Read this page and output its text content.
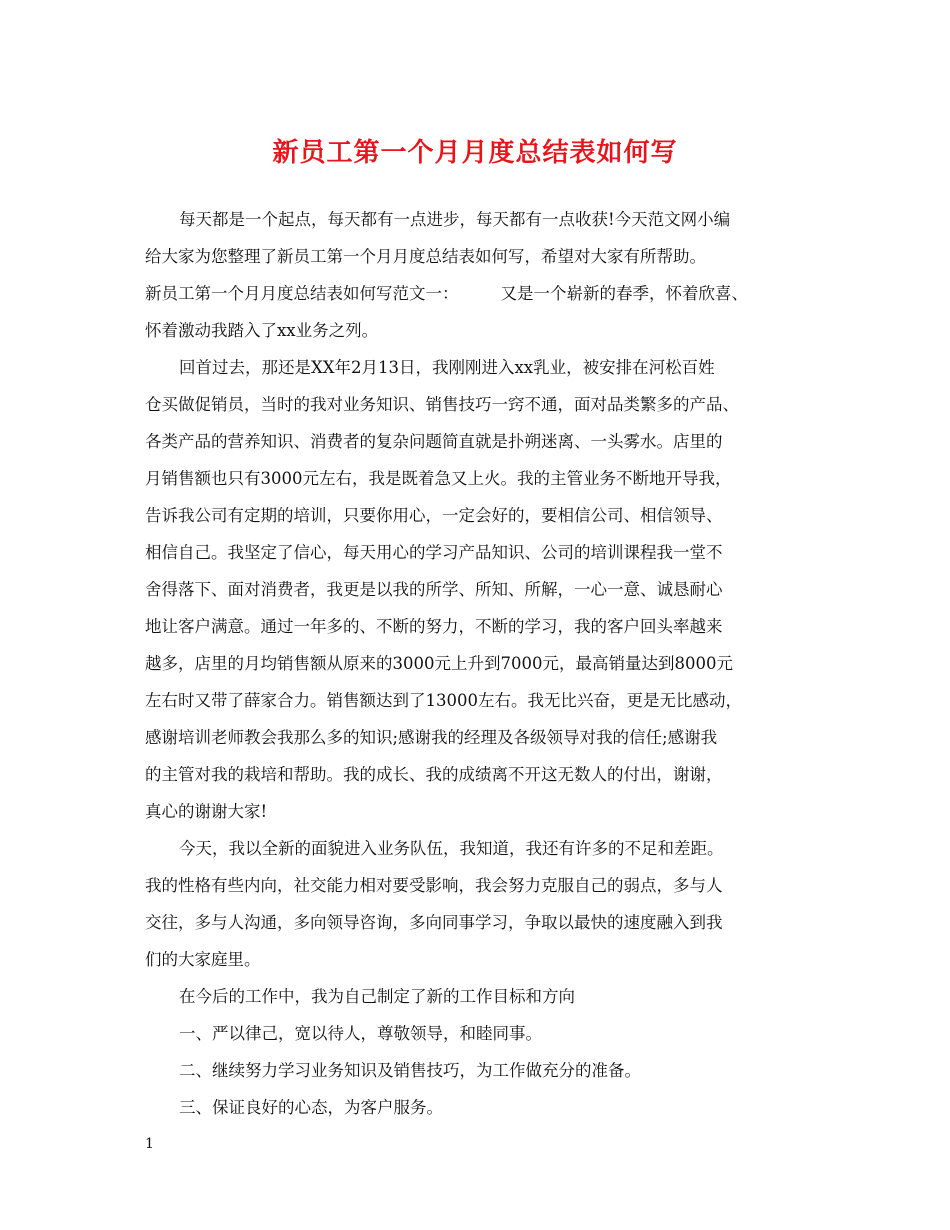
新员工第一个月月度总结表如何写
每天都是一个起点，每天都有一点进步，每天都有一点收获!今天范文网小编
给大家为您整理了新员工第一个月月度总结表如何写，希望对大家有所帮助。
新员工第一个月月度总结表如何写范文一：        又是一个崭新的春季，怀着欣喜、
怀着激动我踏入了xx业务之列。
回首过去，那还是XX年2月13日，我刚刚进入xx乳业，被安排在河松百姓
仓买做促销员，当时的我对业务知识、销售技巧一窍不通，面对品类繁多的产品、
各类产品的营养知识、消费者的复杂问题简直就是扑朔迷离、一头雾水。店里的
月销售额也只有3000元左右，我是既着急又上火。我的主管业务不断地开导我，
告诉我公司有定期的培训，只要你用心，一定会好的，要相信公司、相信领导、
相信自己。我坚定了信心，每天用心的学习产品知识、公司的培训课程我一堂不
舍得落下、面对消费者，我更是以我的所学、所知、所解，一心一意、诚恳耐心
地让客户满意。通过一年多的、不断的努力，不断的学习，我的客户回头率越来
越多，店里的月均销售额从原来的3000元上升到7000元，最高销量达到8000元
左右时又带了薛家合力。销售额达到了13000左右。我无比兴奋，更是无比感动，
感谢培训老师教会我那么多的知识;感谢我的经理及各级领导对我的信任;感谢我
的主管对我的栽培和帮助。我的成长、我的成绩离不开这无数人的付出，谢谢，
真心的谢谢大家!
今天，我以全新的面貌进入业务队伍，我知道，我还有许多的不足和差距。
我的性格有些内向，社交能力相对要受影响，我会努力克服自己的弱点，多与人
交往，多与人沟通，多向领导咨询，多向同事学习，争取以最快的速度融入到我
们的大家庭里。
在今后的工作中，我为自己制定了新的工作目标和方向
一、严以律己，宽以待人，尊敬领导，和睦同事。
二、继续努力学习业务知识及销售技巧，为工作做充分的准备。
三、保证良好的心态，为客户服务。
1
